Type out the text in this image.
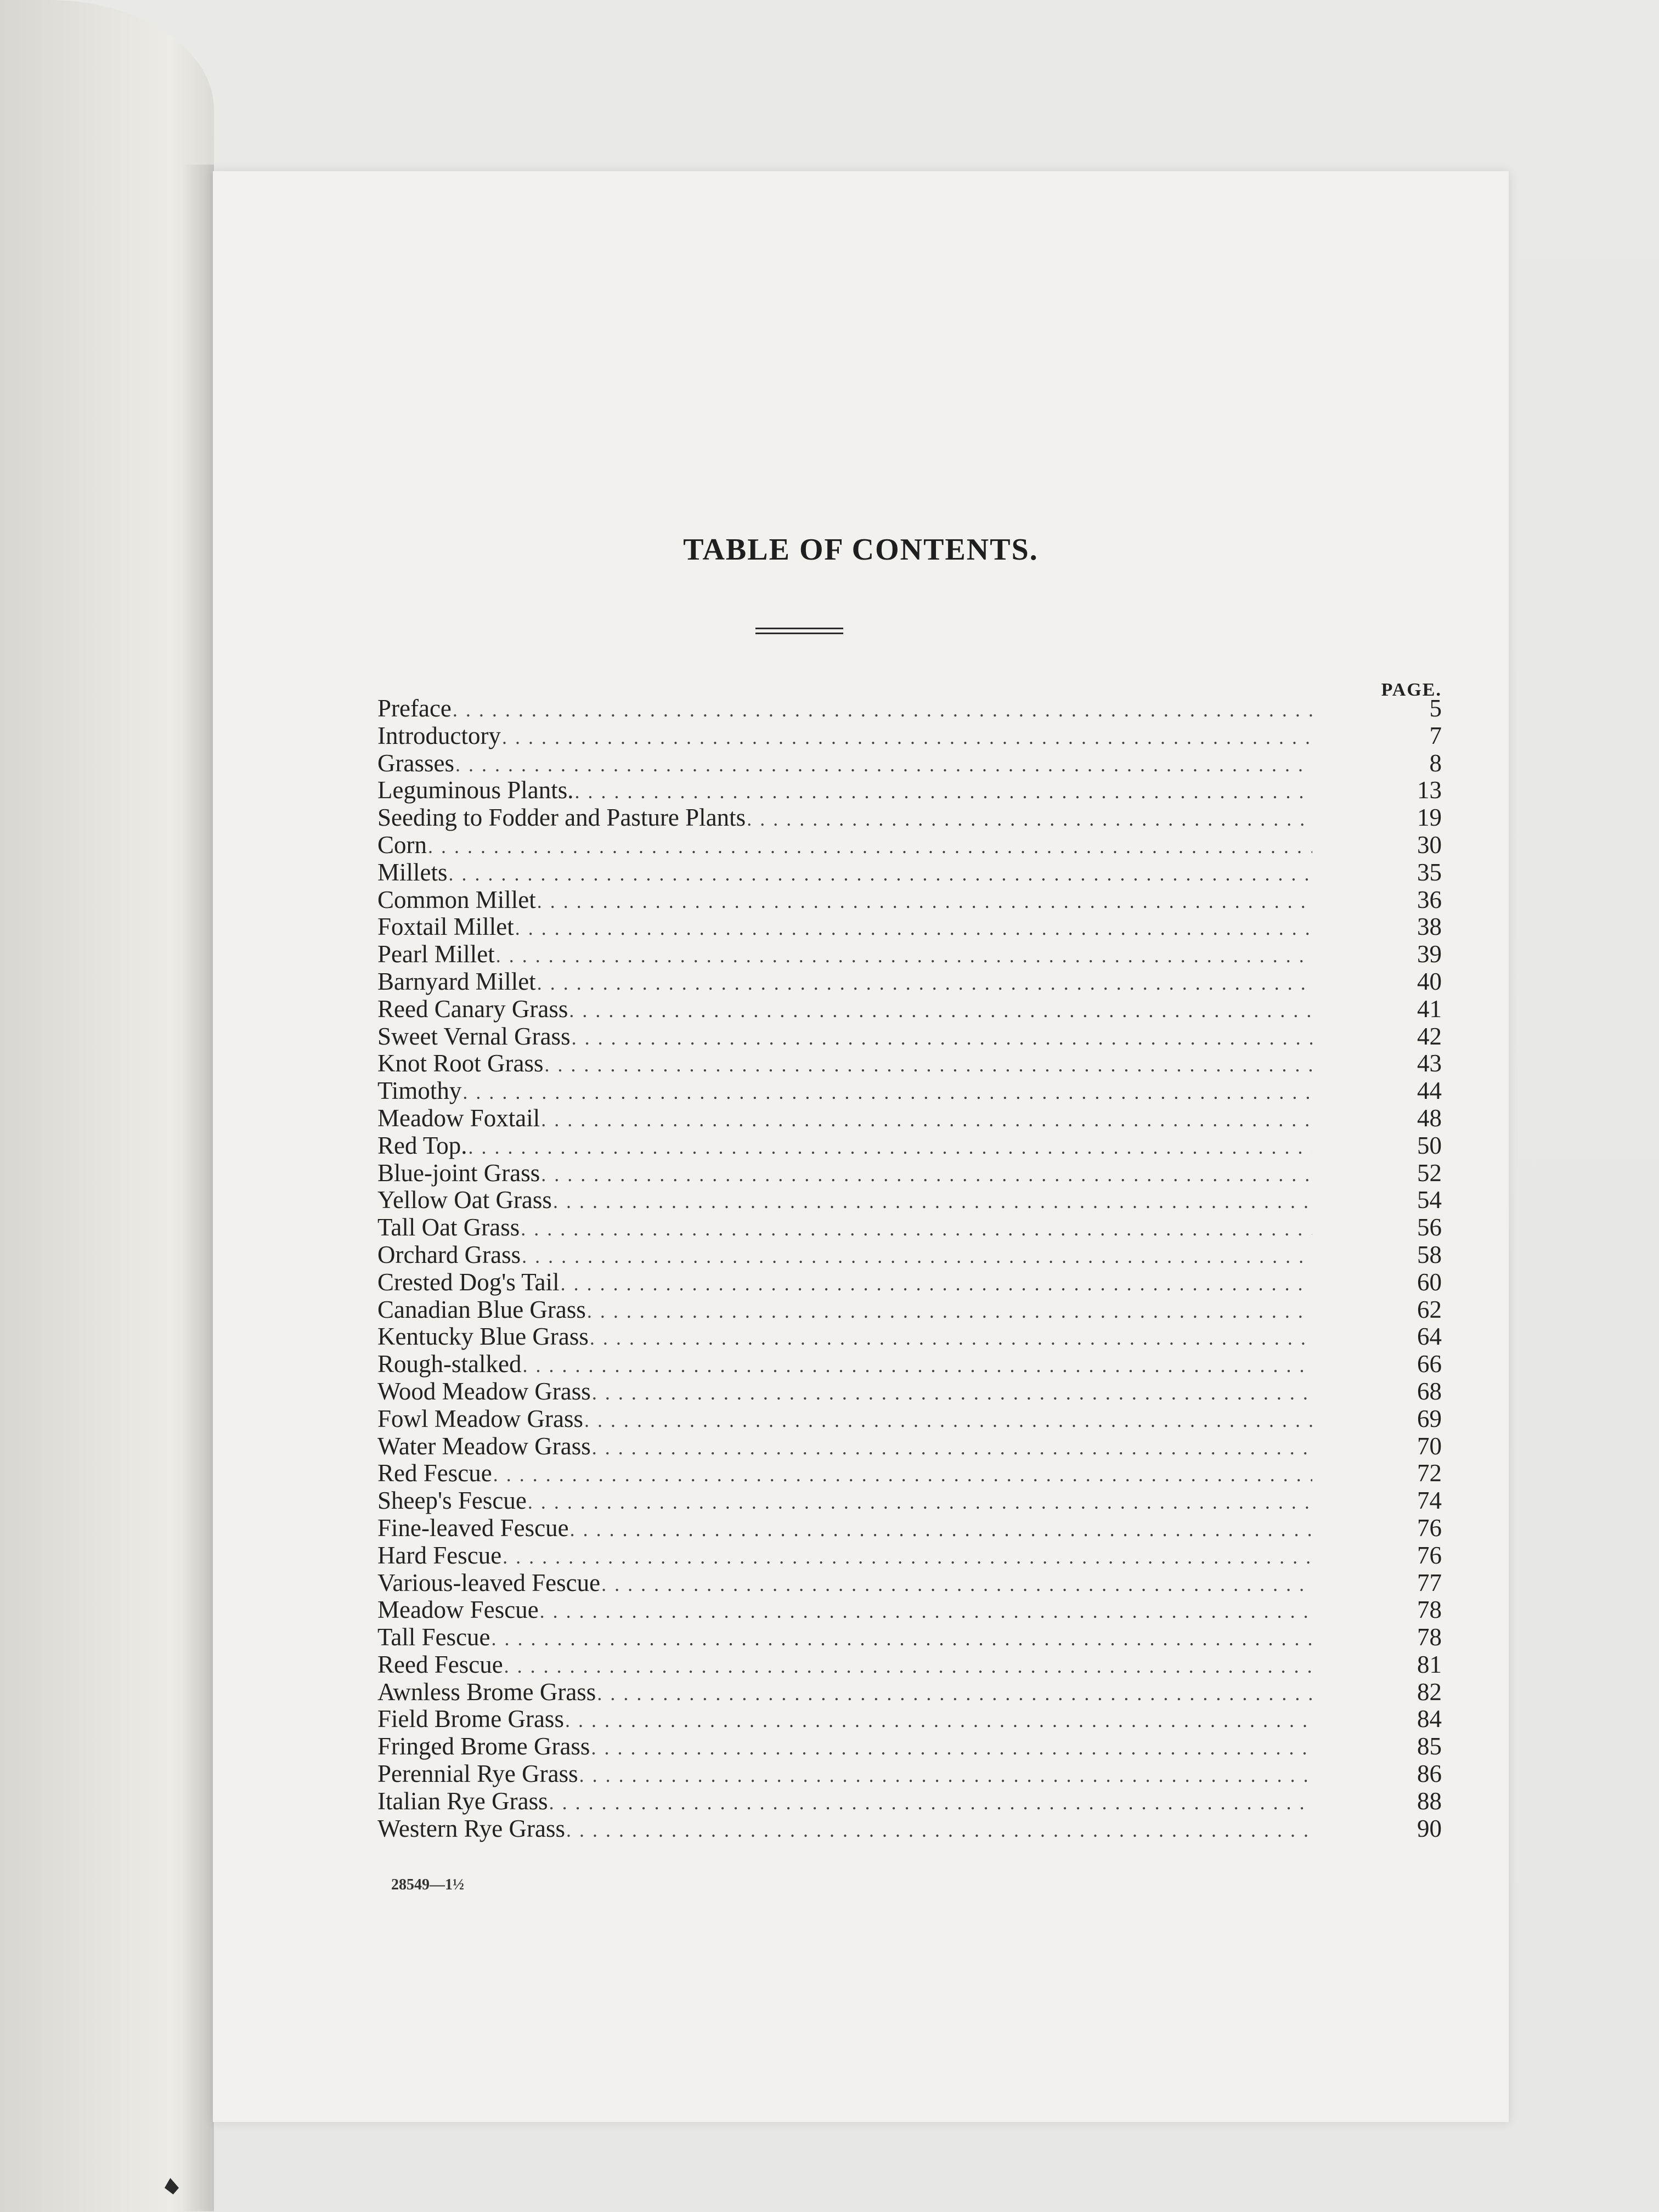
TABLE OF CONTENTS.
PAGE.
Preface . . .	5
Introductory . . .	7
Grasses . . .	8
Leguminous Plants. . . .	13
Seeding to Fodder and Pasture Plants . . .	19
Corn . . .	30
Millets . . .	35
Common Millet . . .	36
Foxtail Millet . . .	38
Pearl Millet . . .	39
Barnyard Millet . . .	40
Reed Canary Grass . . .	41
Sweet Vernal Grass . . .	42
Knot Root Grass . . .	43
Timothy . . .	44
Meadow Foxtail . . .	48
Red Top. . . .	50
Blue-joint Grass . . .	52
Yellow Oat Grass . . .	54
Tall Oat Grass . . .	56
Orchard Grass . . .	58
Crested Dog's Tail . . .	60
Canadian Blue Grass . . .	62
Kentucky Blue Grass . . .	64
Rough-stalked . . .	66
Wood Meadow Grass . . .	68
Fowl Meadow Grass . . .	69
Water Meadow Grass . . .	70
Red Fescue . . .	72
Sheep's Fescue . . .	74
Fine-leaved Fescue . . .	76
Hard Fescue . . .	76
Various-leaved Fescue . . .	77
Meadow Fescue . . .	78
Tall Fescue . . .	78
Reed Fescue . . .	81
Awnless Brome Grass . . .	82
Field Brome Grass . . .	84
Fringed Brome Grass . . .	85
Perennial Rye Grass . . .	86
Italian Rye Grass . . .	88
Western Rye Grass . . .	90
28549—1½
